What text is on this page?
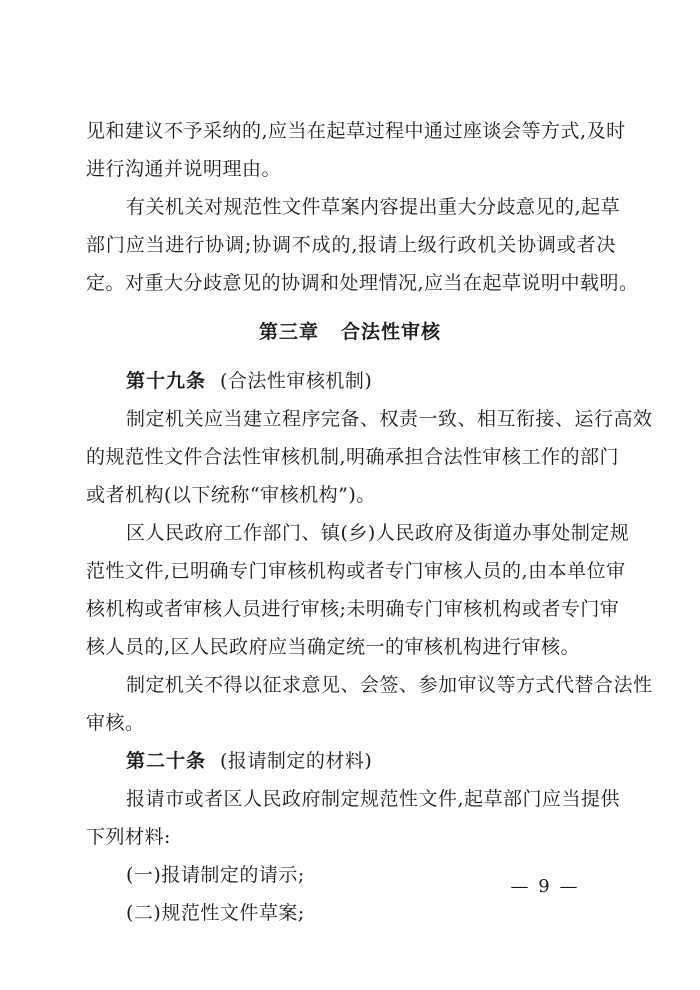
见和建议不予采纳的,应当在起草过程中通过座谈会等方式,及时
进行沟通并说明理由。
有关机关对规范性文件草案内容提出重大分歧意见的,起草
部门应当进行协调;协调不成的,报请上级行政机关协调或者决
定。对重大分歧意见的协调和处理情况,应当在起草说明中载明。
第三章 合法性审核
第十九条 (合法性审核机制)
制定机关应当建立程序完备、权责一致、相互衔接、运行高效
的规范性文件合法性审核机制,明确承担合法性审核工作的部门
或者机构(以下统称“审核机构”)。
区人民政府工作部门、镇(乡)人民政府及街道办事处制定规
范性文件,已明确专门审核机构或者专门审核人员的,由本单位审
核机构或者审核人员进行审核;未明确专门审核机构或者专门审
核人员的,区人民政府应当确定统一的审核机构进行审核。
制定机关不得以征求意见、会签、参加审议等方式代替合法性
审核。
第二十条 (报请制定的材料)
报请市或者区人民政府制定规范性文件,起草部门应当提供
下列材料:
(一)报请制定的请示;
(二)规范性文件草案;
— 9 —
